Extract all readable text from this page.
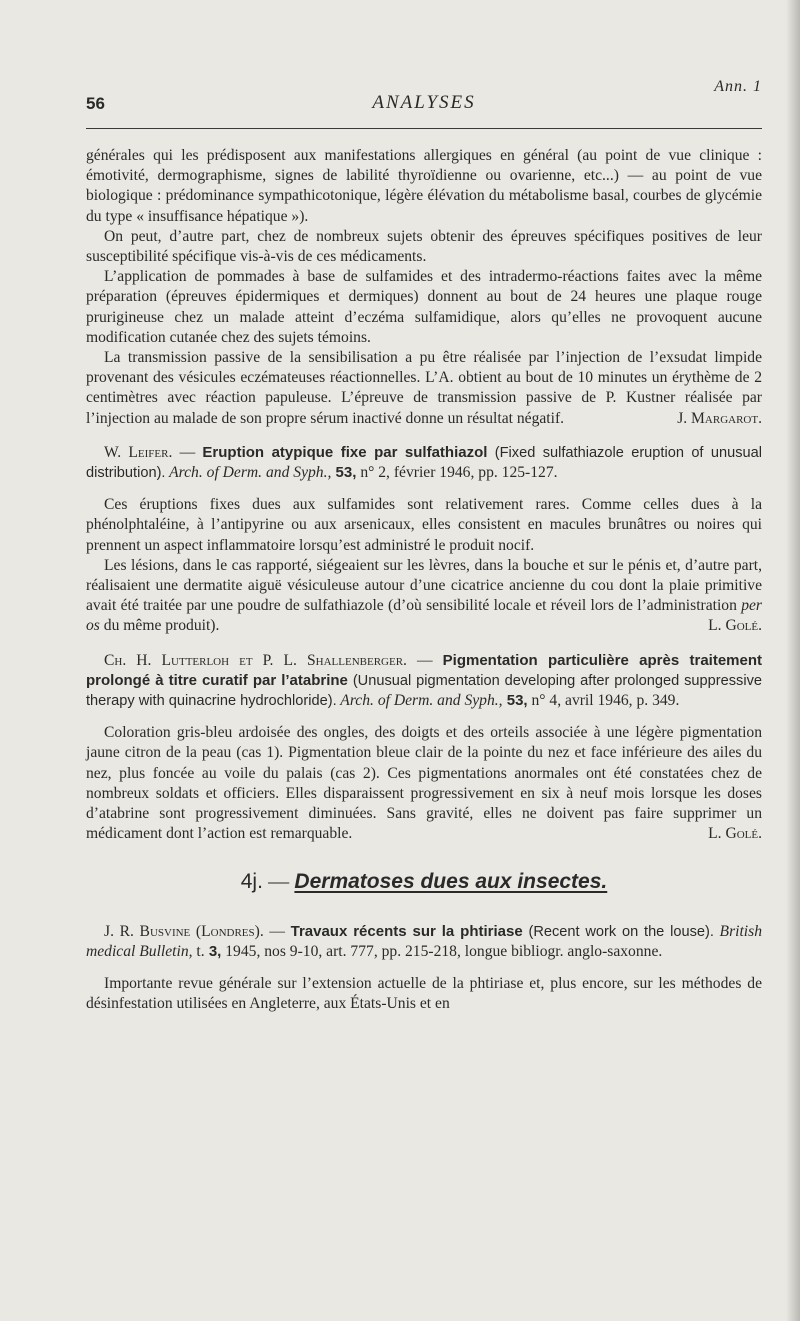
Ann. 1
56	ANALYSES

générales qui les prédisposent aux manifestations allergiques en général (au point de vue clinique : émotivité, dermographisme, signes de labilité thyroïdienne ou ovarienne, etc...) — au point de vue biologique : prédominance sympathicotonique, légère élévation du métabolisme basal, courbes de glycémie du type « insuffisance hépatique »).

On peut, d’autre part, chez de nombreux sujets obtenir des épreuves spécifiques positives de leur susceptibilité spécifique vis-à-vis de ces médicaments.

L’application de pommades à base de sulfamides et des intradermo-réactions faites avec la même préparation (épreuves épidermiques et dermiques) donnent au bout de 24 heures une plaque rouge prurigineuse chez un malade atteint d’eczéma sulfamidique, alors qu’elles ne provoquent aucune modification cutanée chez des sujets témoins.

La transmission passive de la sensibilisation a pu être réalisée par l’injection de l’exsudat limpide provenant des vésicules eczémateuses réactionnelles. L’A. obtient au bout de 10 minutes un érythème de 2 centimètres avec réaction papuleuse. L’épreuve de transmission passive de P. Kustner réalisée par l’injection au malade de son propre sérum inactivé donne un résultat négatif.	J. Margarot.

W. Leifer. — Eruption atypique fixe par sulfathiazol (Fixed sulfathiazole eruption of unusual distribution). Arch. of Derm. and Syph., 53, n° 2, février 1946, pp. 125-127.

Ces éruptions fixes dues aux sulfamides sont relativement rares. Comme celles dues à la phénolphtaléine, à l’antipyrine ou aux arsenicaux, elles consistent en macules brunâtres ou noires qui prennent un aspect inflammatoire lorsqu’est administré le produit nocif.

Les lésions, dans le cas rapporté, siégeaient sur les lèvres, dans la bouche et sur le pénis et, d’autre part, réalisaient une dermatite aiguë vésiculeuse autour d’une cicatrice ancienne du cou dont la plaie primitive avait été traitée par une poudre de sulfathiazole (d’où sensibilité locale et réveil lors de l’administration per os du même produit).	L. Golé.

Ch. H. Lutterloh et P. L. Shallenberger. — Pigmentation particulière après traitement prolongé à titre curatif par l’atabrine (Unusual pigmentation developing after prolonged suppressive therapy with quinacrine hydrochloride). Arch. of Derm. and Syph., 53, n° 4, avril 1946, p. 349.

Coloration gris-bleu ardoisée des ongles, des doigts et des orteils associée à une légère pigmentation jaune citron de la peau (cas 1). Pigmentation bleue clair de la pointe du nez et face inférieure des ailes du nez, plus foncée au voile du palais (cas 2). Ces pigmentations anormales ont été constatées chez de nombreux soldats et officiers. Elles disparaissent progressivement en six à neuf mois lorsque les doses d’atabrine sont progressivement diminuées. Sans gravité, elles ne doivent pas faire supprimer un médicament dont l’action est remarquable.	L. Golé.

4j. — Dermatoses dues aux insectes.

J. R. Busvine (Londres). — Travaux récents sur la phtiriase (Recent work on the louse). British medical Bulletin, t. 3, 1945, nos 9-10, art. 777, pp. 215-218, longue bibliogr. anglo-saxonne.

Importante revue générale sur l’extension actuelle de la phtiriase et, plus encore, sur les méthodes de désinfestation utilisées en Angleterre, aux États-Unis et en
